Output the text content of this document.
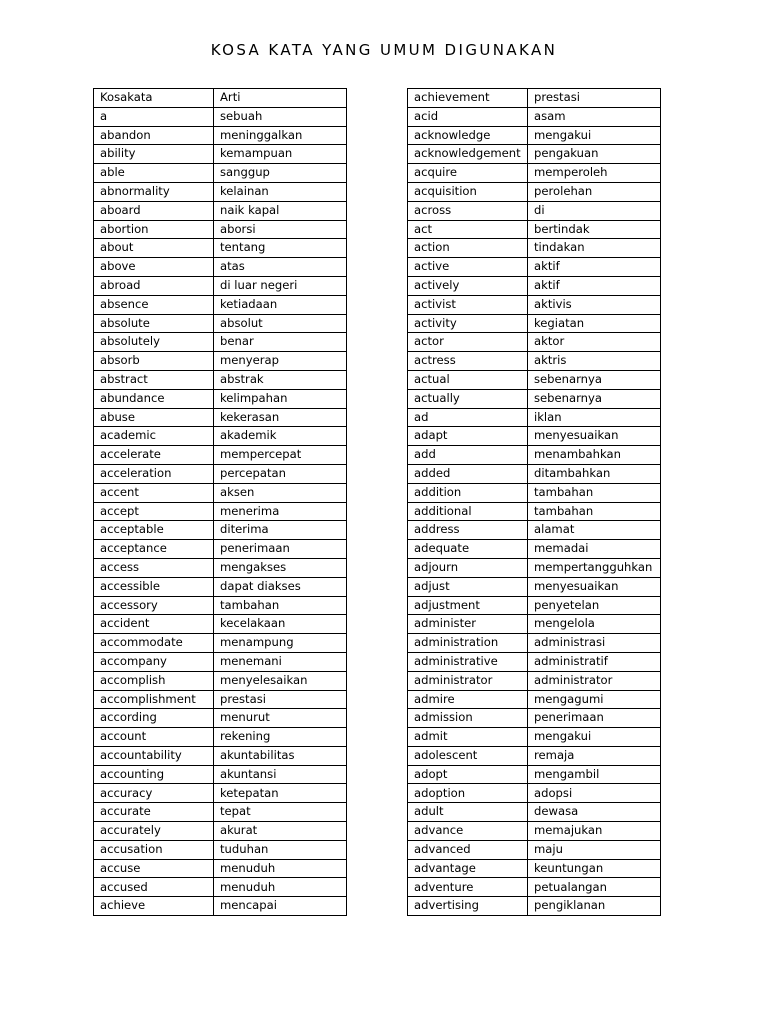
KOSA KATA YANG UMUM DIGUNAKAN
Kosakata	Arti
a	sebuah
abandon	meninggalkan
ability	kemampuan
able	sanggup
abnormality	kelainan
aboard	naik kapal
abortion	aborsi
about	tentang
above	atas
abroad	di luar negeri
absence	ketiadaan
absolute	absolut
absolutely	benar
absorb	menyerap
abstract	abstrak
abundance	kelimpahan
abuse	kekerasan
academic	akademik
accelerate	mempercepat
acceleration	percepatan
accent	aksen
accept	menerima
acceptable	diterima
acceptance	penerimaan
access	mengakses
accessible	dapat diakses
accessory	tambahan
accident	kecelakaan
accommodate	menampung
accompany	menemani
accomplish	menyelesaikan
accomplishment	prestasi
according	menurut
account	rekening
accountability	akuntabilitas
accounting	akuntansi
accuracy	ketepatan
accurate	tepat
accurately	akurat
accusation	tuduhan
accuse	menuduh
accused	menuduh
achieve	mencapai
achievement	prestasi
acid	asam
acknowledge	mengakui
acknowledgement	pengakuan
acquire	memperoleh
acquisition	perolehan
across	di
act	bertindak
action	tindakan
active	aktif
actively	aktif
activist	aktivis
activity	kegiatan
actor	aktor
actress	aktris
actual	sebenarnya
actually	sebenarnya
ad	iklan
adapt	menyesuaikan
add	menambahkan
added	ditambahkan
addition	tambahan
additional	tambahan
address	alamat
adequate	memadai
adjourn	mempertangguhkan
adjust	menyesuaikan
adjustment	penyetelan
administer	mengelola
administration	administrasi
administrative	administratif
administrator	administrator
admire	mengagumi
admission	penerimaan
admit	mengakui
adolescent	remaja
adopt	mengambil
adoption	adopsi
adult	dewasa
advance	memajukan
advanced	maju
advantage	keuntungan
adventure	petualangan
advertising	pengiklanan
